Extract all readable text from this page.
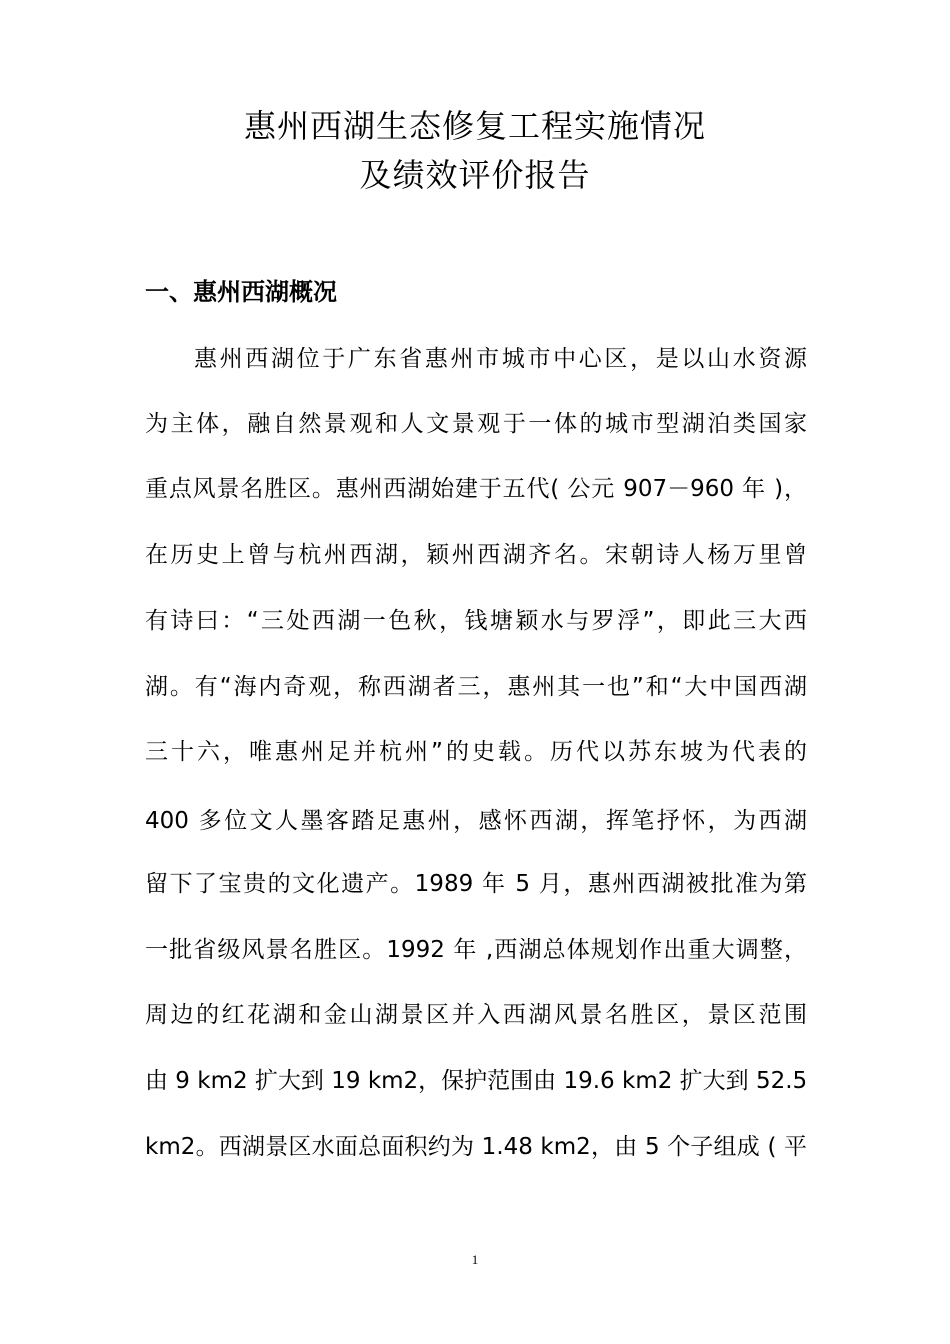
惠州西湖生态修复工程实施情况
及绩效评价报告
一、惠州西湖概况
惠州西湖位于广东省惠州市城市中心区，是以山水资源
为主体，融自然景观和人文景观于一体的城市型湖泊类国家
重点风景名胜区。惠州西湖始建于五代( 公元 907－960 年 )，
在历史上曾与杭州西湖，颖州西湖齐名。宋朝诗人杨万里曾
有诗曰：“三处西湖一色秋，钱塘颖水与罗浮”，即此三大西
湖。有“海内奇观，称西湖者三，惠州其一也”和“大中国西湖
三十六，唯惠州足并杭州”的史载。历代以苏东坡为代表的
400 多位文人墨客踏足惠州，感怀西湖，挥笔抒怀，为西湖
留下了宝贵的文化遗产。1989 年 5 月，惠州西湖被批准为第
一批省级风景名胜区。1992 年 ,西湖总体规划作出重大调整，
周边的红花湖和金山湖景区并入西湖风景名胜区，景区范围
由 9 km2 扩大到 19 km2，保护范围由 19.6 km2 扩大到 52.5
km2。西湖景区水面总面积约为 1.48 km2，由 5 个子组成 ( 平
1
